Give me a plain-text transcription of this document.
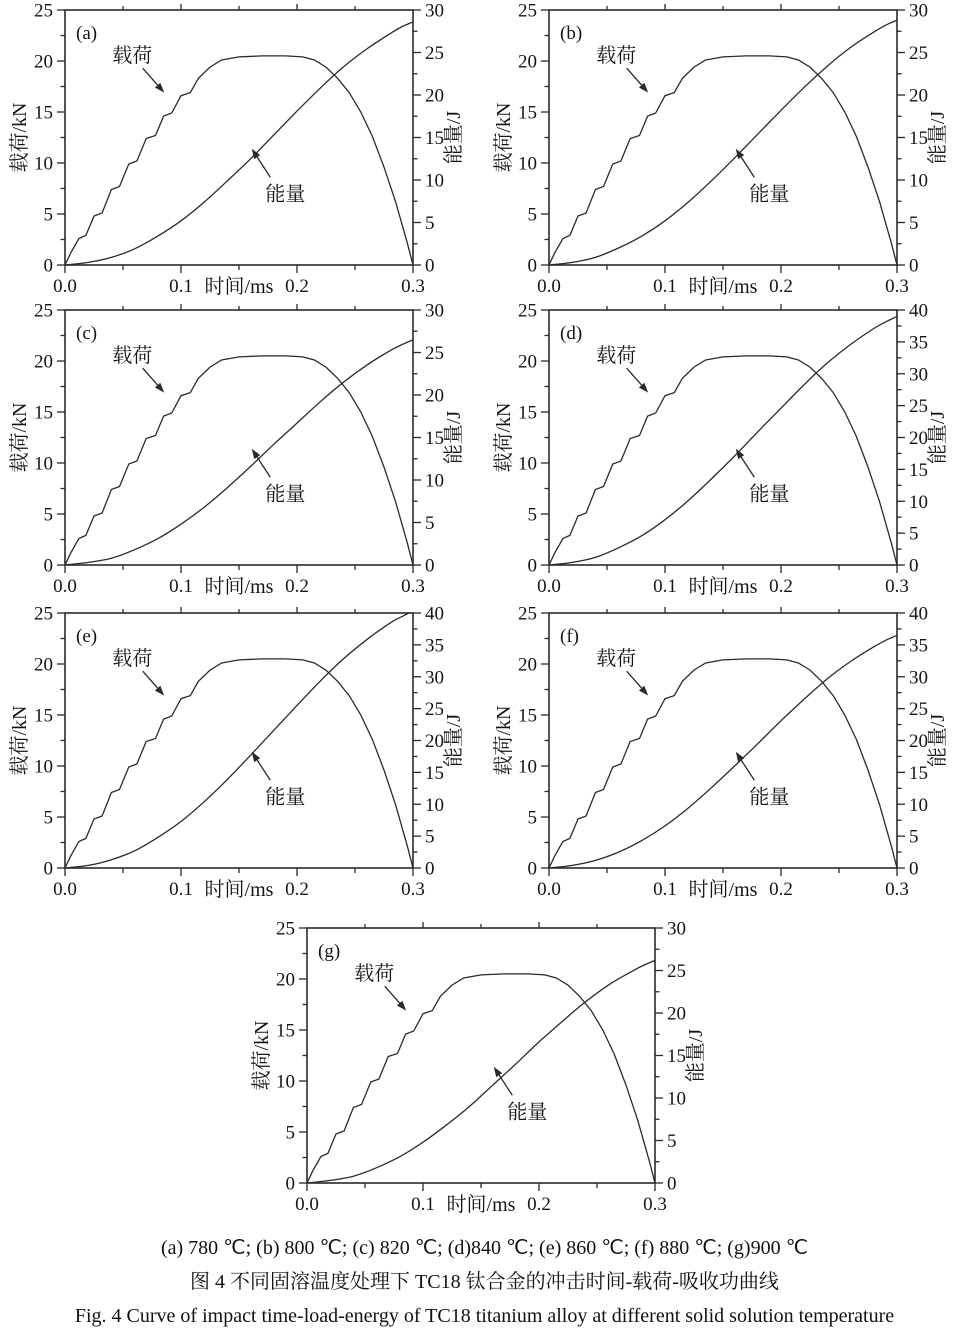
0.0	0.1	0.2	0.3
时间/ms
0
5
10
15
20
25
载荷/kN
0
5
10
15
20
25
30
能量/J
载荷
能量
(a)
0.0	0.1	0.2	0.3
时间/ms
0
5
10
15
20
25
载荷/kN
0
5
10
15
20
25
30
能量/J
载荷
能量
(b)
0.0	0.1	0.2	0.3
时间/ms
0
5
10
15
20
25
载荷/kN
0
5
10
15
20
25
30
能量/J
载荷
能量
(c)
0.0	0.1	0.2	0.3
时间/ms
0
5
10
15
20
25
载荷/kN
0
5
10
15
20
25
30
35
40
能量/J
载荷
能量
(d)
0.0	0.1	0.2	0.3
时间/ms
0
5
10
15
20
25
载荷/kN
0
5
10
15
20
25
30
35
40
能量/J
载荷
能量
(e)
0.0	0.1	0.2	0.3
时间/ms
0
5
10
15
20
25
载荷/kN
0
5
10
15
20
25
30
35
40
能量/J
载荷
能量
(f)
0.0	0.1	0.2	0.3
时间/ms
0
5
10
15
20
25
载荷/kN
0
5
10
15
20
25
30
能量/J
载荷
能量
(g)
(a) 780 ℃; (b) 800 ℃; (c) 820 ℃; (d)840 ℃; (e) 860 ℃; (f) 880 ℃; (g)900 ℃
图 4 不同固溶温度处理下 TC18 钛合金的冲击时间-载荷-吸收功曲线
Fig. 4 Curve of impact time-load-energy of TC18 titanium alloy at different solid solution temperature
